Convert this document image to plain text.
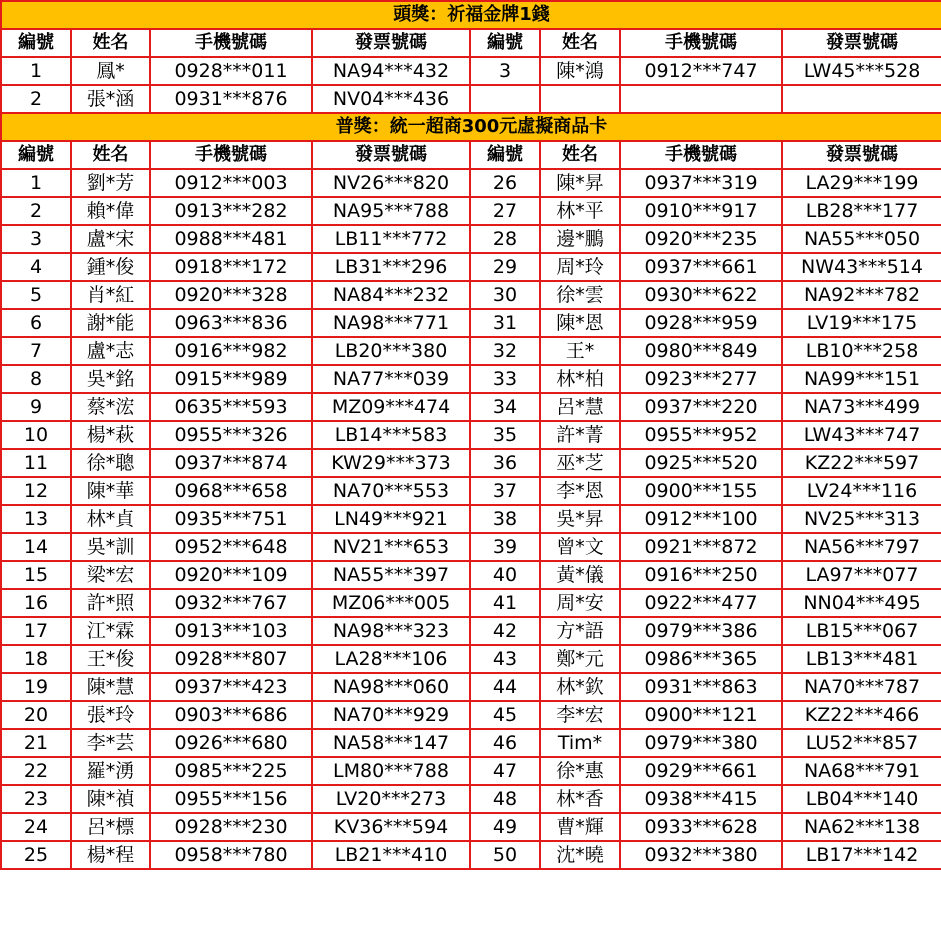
頭獎：祈福金牌1錢							
編號	姓名	手機號碼	發票號碼	編號	姓名	手機號碼	發票號碼
1	鳳*	0928***011	NA94***432	3	陳*鴻	0912***747	LW45***528
2	張*涵	0931***876	NV04***436				
普獎：統一超商300元虛擬商品卡							
編號	姓名	手機號碼	發票號碼	編號	姓名	手機號碼	發票號碼
1	劉*芳	0912***003	NV26***820	26	陳*昇	0937***319	LA29***199
2	賴*偉	0913***282	NA95***788	27	林*平	0910***917	LB28***177
3	盧*宋	0988***481	LB11***772	28	邊*鵬	0920***235	NA55***050
4	鍾*俊	0918***172	LB31***296	29	周*玲	0937***661	NW43***514
5	肖*紅	0920***328	NA84***232	30	徐*雲	0930***622	NA92***782
6	謝*能	0963***836	NA98***771	31	陳*恩	0928***959	LV19***175
7	盧*志	0916***982	LB20***380	32	王*	0980***849	LB10***258
8	吳*銘	0915***989	NA77***039	33	林*柏	0923***277	NA99***151
9	蔡*浤	0635***593	MZ09***474	34	呂*慧	0937***220	NA73***499
10	楊*萩	0955***326	LB14***583	35	許*菁	0955***952	LW43***747
11	徐*聰	0937***874	KW29***373	36	巫*芝	0925***520	KZ22***597
12	陳*華	0968***658	NA70***553	37	李*恩	0900***155	LV24***116
13	林*貞	0935***751	LN49***921	38	吳*昇	0912***100	NV25***313
14	吳*訓	0952***648	NV21***653	39	曾*文	0921***872	NA56***797
15	梁*宏	0920***109	NA55***397	40	黃*儀	0916***250	LA97***077
16	許*照	0932***767	MZ06***005	41	周*安	0922***477	NN04***495
17	江*霖	0913***103	NA98***323	42	方*語	0979***386	LB15***067
18	王*俊	0928***807	LA28***106	43	鄭*元	0986***365	LB13***481
19	陳*慧	0937***423	NA98***060	44	林*欽	0931***863	NA70***787
20	張*玲	0903***686	NA70***929	45	李*宏	0900***121	KZ22***466
21	李*芸	0926***680	NA58***147	46	Tim*	0979***380	LU52***857
22	羅*湧	0985***225	LM80***788	47	徐*惠	0929***661	NA68***791
23	陳*禎	0955***156	LV20***273	48	林*香	0938***415	LB04***140
24	呂*標	0928***230	KV36***594	49	曹*輝	0933***628	NA62***138
25	楊*程	0958***780	LB21***410	50	沈*曉	0932***380	LB17***142
